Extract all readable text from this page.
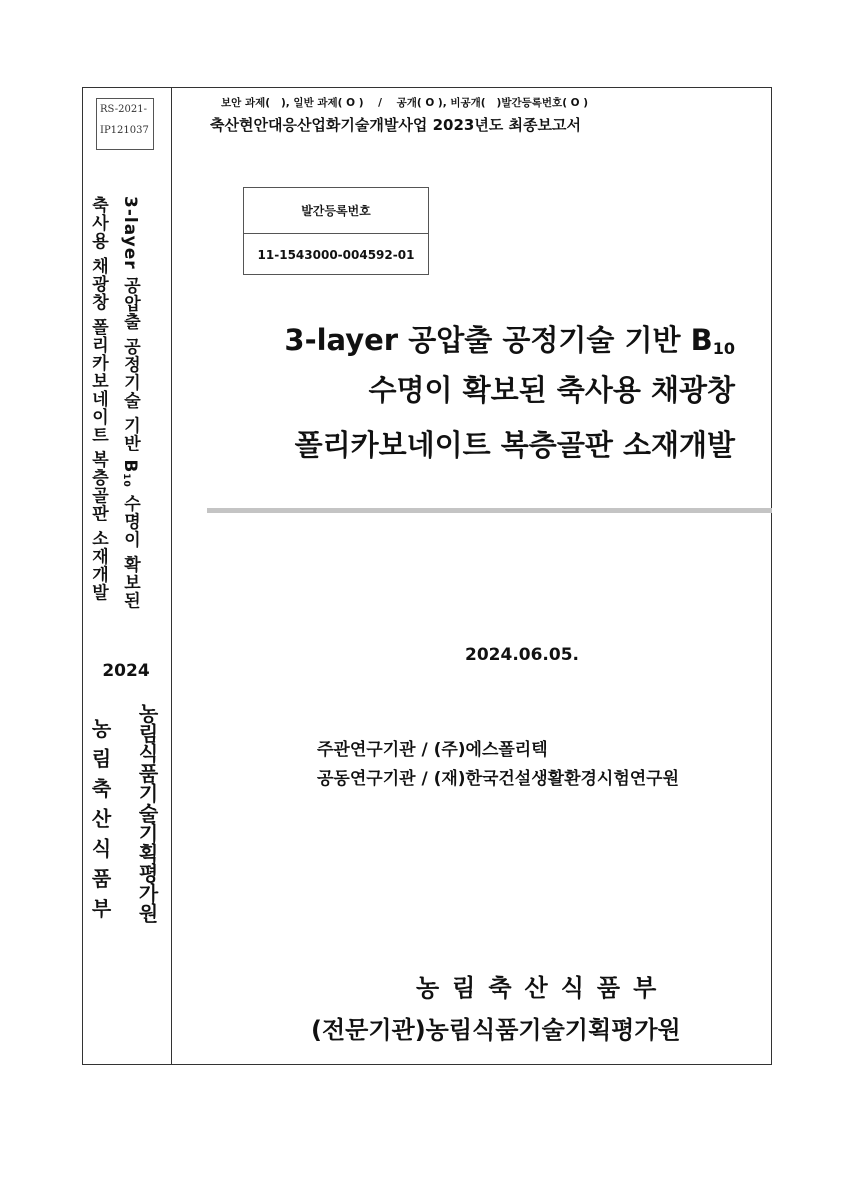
RS-2021-
IP121037
3-layer 공압출 공정기술 기반 $B_{10}$ 수명이 확보된
축사용 채광창 폴리카보네이트 복층골판 소재개발
2024
농림식품기술기획평가원
농림축산식품부
보안 과제(   ), 일반 과제( O )    /    공개( O ), 비공개(   )발간등록번호( O )
축산현안대응산업화기술개발사업 2023년도 최종보고서
발간등록번호
11-1543000-004592-01
3-layer 공압출 공정기술 기반 B10
수명이 확보된 축사용 채광창
폴리카보네이트 복층골판 소재개발
2024.06.05.
주관연구기관 / (주)에스폴리텍
공동연구기관 / (재)한국건설생활환경시험연구원
농림축산식품부
(전문기관)농림식품기술기획평가원
